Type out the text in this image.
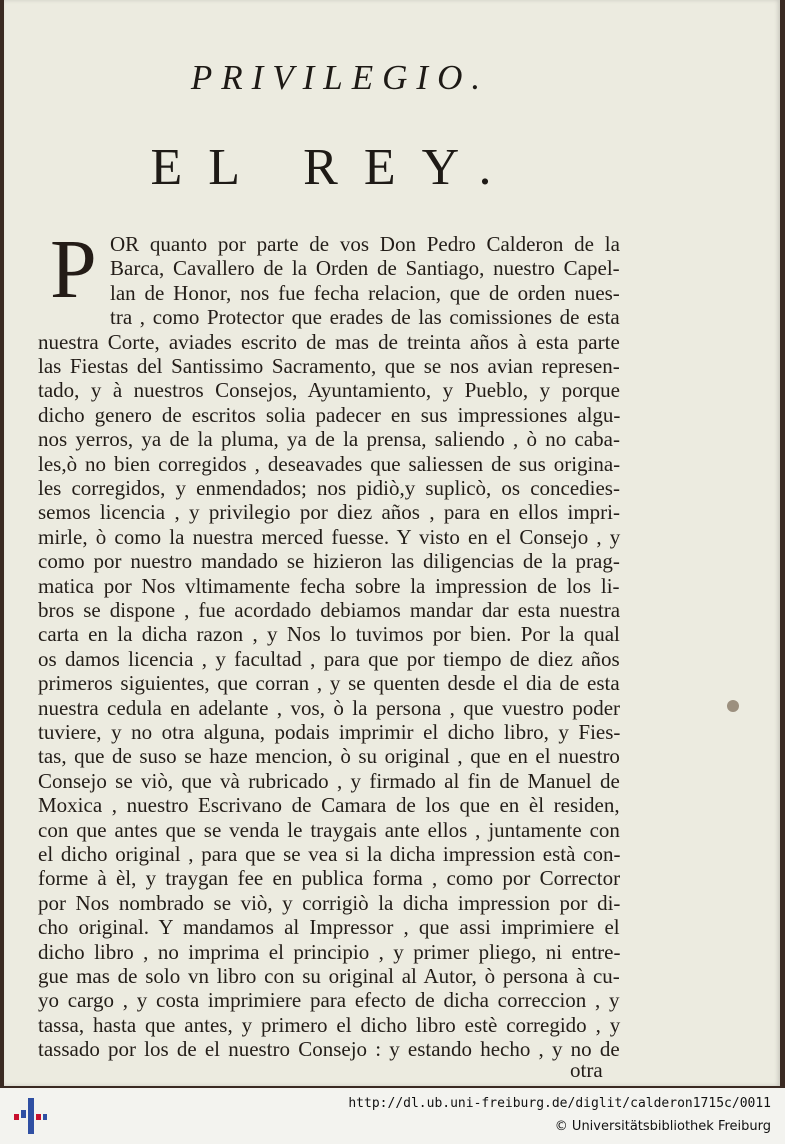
PRIVILEGIO.
EL REY.
P OR quanto por parte de vos Don Pedro Calderon de la
Barca, Cavallero de la Orden de Santiago, nuestro Capel-
lan de Honor, nos fue fecha relacion, que de orden nues-
tra , como Protector que erades de las comissiones de esta
nuestra Corte, aviades escrito de mas de treinta años à esta parte
las Fiestas del Santissimo Sacramento, que se nos avian represen-
tado, y à nuestros Consejos, Ayuntamiento, y Pueblo, y porque
dicho genero de escritos solia padecer en sus impressiones algu-
nos yerros, ya de la pluma, ya de la prensa, saliendo , ò no caba-
les,ò no bien corregidos , deseavades que saliessen de sus origina-
les corregidos, y enmendados; nos pidiò,y suplicò, os concedies-
semos licencia , y privilegio por diez años , para en ellos impri-
mirle, ò como la nuestra merced fuesse. Y visto en el Consejo , y
como por nuestro mandado se hizieron las diligencias de la prag-
matica por Nos vltimamente fecha sobre la impression de los li-
bros se dispone , fue acordado debiamos mandar dar esta nuestra
carta en la dicha razon , y Nos lo tuvimos por bien. Por la qual
os damos licencia , y facultad , para que por tiempo de diez años
primeros siguientes, que corran , y se quenten desde el dia de esta
nuestra cedula en adelante , vos, ò la persona , que vuestro poder
tuviere, y no otra alguna, podais imprimir el dicho libro, y Fies-
tas, que de suso se haze mencion, ò su original , que en el nuestro
Consejo se viò, que và rubricado , y firmado al fin de Manuel de
Moxica , nuestro Escrivano de Camara de los que en èl residen,
con que antes que se venda le traygais ante ellos , juntamente con
el dicho original , para que se vea si la dicha impression està con-
forme à èl, y traygan fee en publica forma , como por Corrector
por Nos nombrado se viò, y corrigiò la dicha impression por di-
cho original. Y mandamos al Impressor , que assi imprimiere el
dicho libro , no imprima el principio , y primer pliego, ni entre-
gue mas de solo vn libro con su original al Autor, ò persona à cu-
yo cargo , y costa imprimiere para efecto de dicha correccion , y
tassa, hasta que antes, y primero el dicho libro estè corregido , y
tassado por los de el nuestro Consejo : y estando hecho , y no de
otra
http://dl.ub.uni-freiburg.de/diglit/calderon1715c/0011
© Universitätsbibliothek Freiburg
